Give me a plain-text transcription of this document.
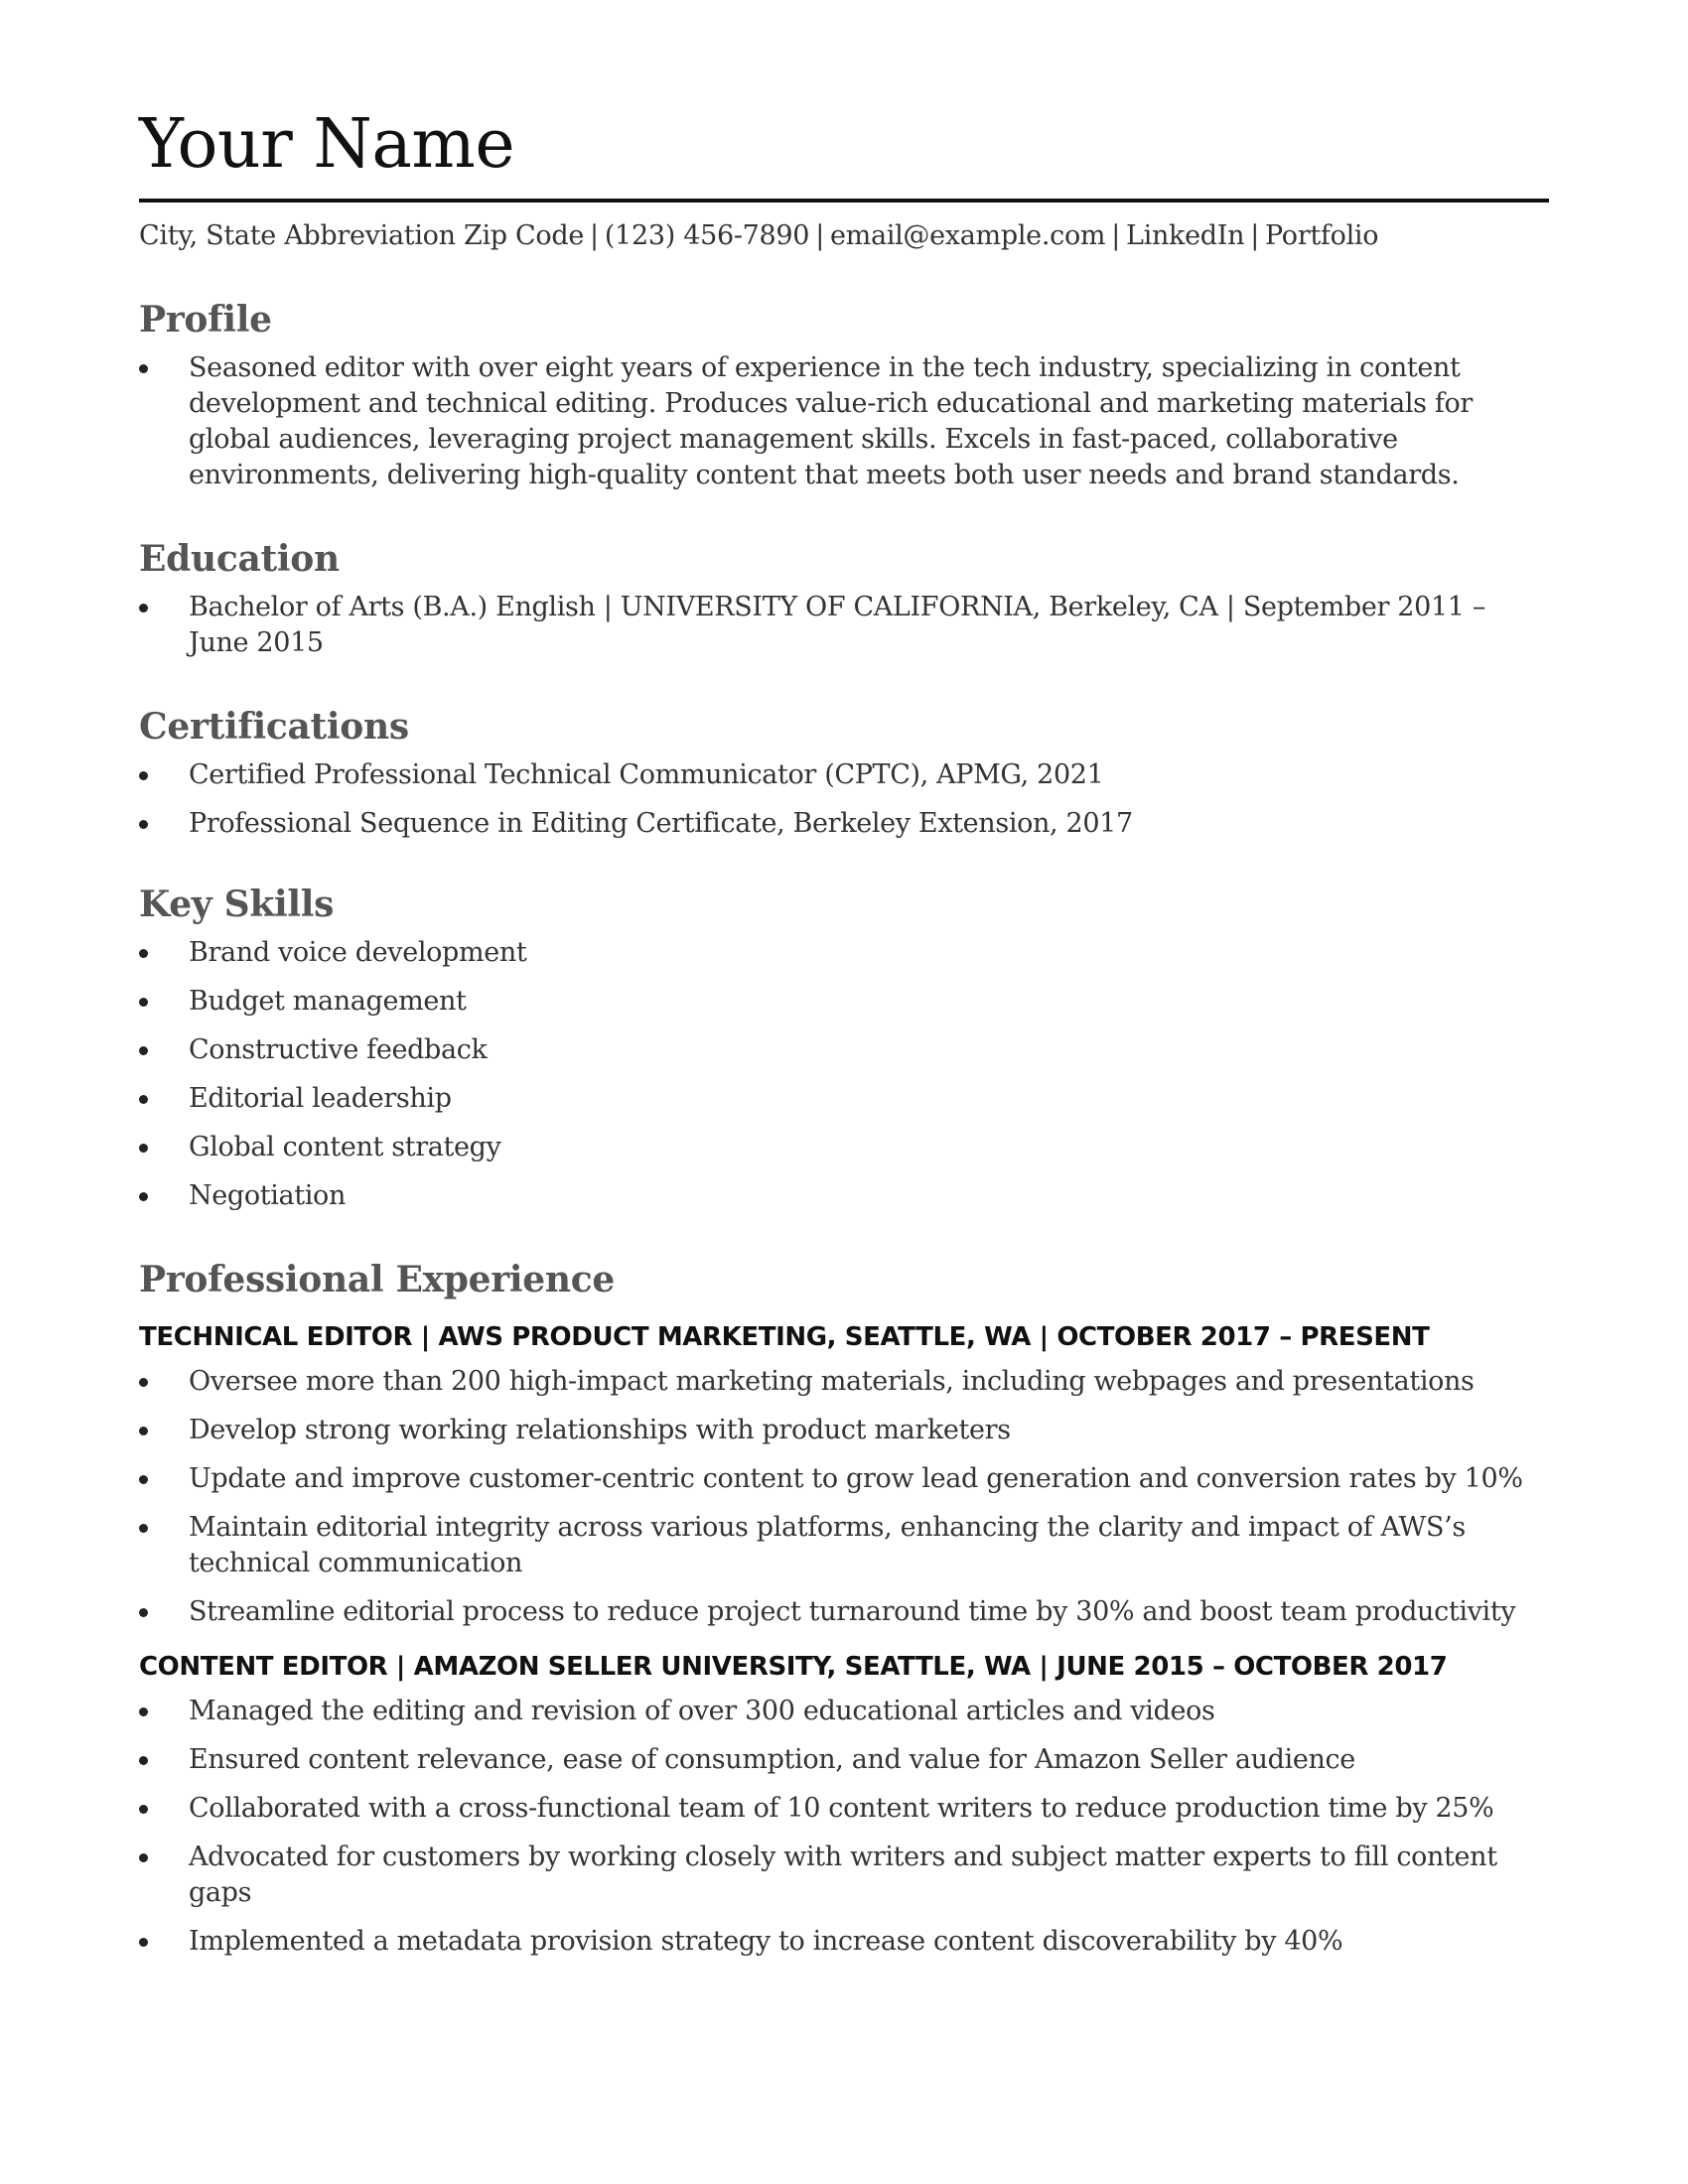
Your Name
City, State Abbreviation Zip Code | (123) 456-7890 | email@example.com | LinkedIn | Portfolio
Profile
Seasoned editor with over eight years of experience in the tech industry, specializing in content development and technical editing. Produces value-rich educational and marketing materials for global audiences, leveraging project management skills. Excels in fast-paced, collaborative environments, delivering high-quality content that meets both user needs and brand standards.
Education
Bachelor of Arts (B.A.) English | UNIVERSITY OF CALIFORNIA, Berkeley, CA | September 2011 – June 2015
Certifications
Certified Professional Technical Communicator (CPTC), APMG, 2021
Professional Sequence in Editing Certificate, Berkeley Extension, 2017
Key Skills
Brand voice development
Budget management
Constructive feedback
Editorial leadership
Global content strategy
Negotiation
Professional Experience
TECHNICAL EDITOR | AWS PRODUCT MARKETING, SEATTLE, WA | OCTOBER 2017 – PRESENT
Oversee more than 200 high-impact marketing materials, including webpages and presentations
Develop strong working relationships with product marketers
Update and improve customer-centric content to grow lead generation and conversion rates by 10%
Maintain editorial integrity across various platforms, enhancing the clarity and impact of AWS’s technical communication
Streamline editorial process to reduce project turnaround time by 30% and boost team productivity
CONTENT EDITOR | AMAZON SELLER UNIVERSITY, SEATTLE, WA | JUNE 2015 – OCTOBER 2017
Managed the editing and revision of over 300 educational articles and videos
Ensured content relevance, ease of consumption, and value for Amazon Seller audience
Collaborated with a cross-functional team of 10 content writers to reduce production time by 25%
Advocated for customers by working closely with writers and subject matter experts to fill content gaps
Implemented a metadata provision strategy to increase content discoverability by 40%
